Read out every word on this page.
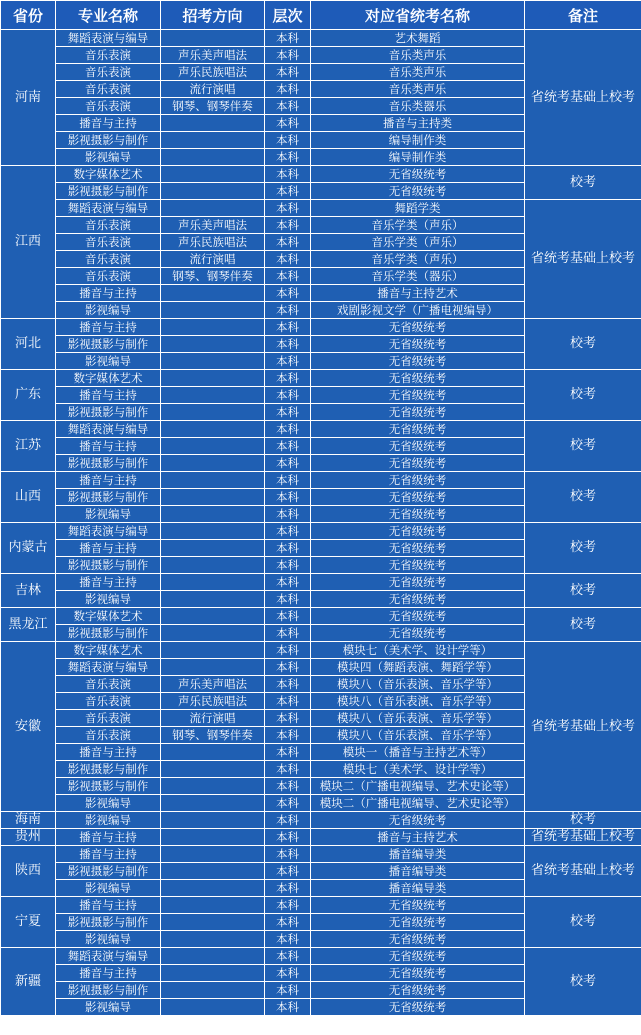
省份	专业名称	招考方向	层次	对应省统考名称	备注
河南	舞蹈表演与编导		本科	艺术舞蹈	省统考基础上校考
	音乐表演	声乐美声唱法	本科	音乐类声乐	
	音乐表演	声乐民族唱法	本科	音乐类声乐	
	音乐表演	流行演唱	本科	音乐类声乐	
	音乐表演	钢琴、钢琴伴奏	本科	音乐类器乐	
	播音与主持		本科	播音与主持类	
	影视摄影与制作		本科	编导制作类	
	影视编导		本科	编导制作类	
江西	数字媒体艺术		本科	无省级统考	校考
	影视摄影与制作		本科	无省级统考	
	舞蹈表演与编导		本科	舞蹈学类	省统考基础上校考
	音乐表演	声乐美声唱法	本科	音乐学类（声乐）	
	音乐表演	声乐民族唱法	本科	音乐学类（声乐）	
	音乐表演	流行演唱	本科	音乐学类（声乐）	
	音乐表演	钢琴、钢琴伴奏	本科	音乐学类（器乐）	
	播音与主持		本科	播音与主持艺术	
	影视编导		本科	戏剧影视文学（广播电视编导）	
河北	播音与主持		本科	无省级统考	校考
	影视摄影与制作		本科	无省级统考	
	影视编导		本科	无省级统考	
广东	数字媒体艺术		本科	无省级统考	校考
	播音与主持		本科	无省级统考	
	影视摄影与制作		本科	无省级统考	
江苏	舞蹈表演与编导		本科	无省级统考	校考
	播音与主持		本科	无省级统考	
	影视摄影与制作		本科	无省级统考	
山西	播音与主持		本科	无省级统考	校考
	影视摄影与制作		本科	无省级统考	
	影视编导		本科	无省级统考	
内蒙古	舞蹈表演与编导		本科	无省级统考	校考
	播音与主持		本科	无省级统考	
	影视摄影与制作		本科	无省级统考	
吉林	播音与主持		本科	无省级统考	校考
	影视编导		本科	无省级统考	
黑龙江	数字媒体艺术		本科	无省级统考	校考
	影视摄影与制作		本科	无省级统考	
安徽	数字媒体艺术		本科	模块七（美术学、设计学等）	省统考基础上校考
	舞蹈表演与编导		本科	模块四（舞蹈表演、舞蹈学等）	
	音乐表演	声乐美声唱法	本科	模块八（音乐表演、音乐学等）	
	音乐表演	声乐民族唱法	本科	模块八（音乐表演、音乐学等）	
	音乐表演	流行演唱	本科	模块八（音乐表演、音乐学等）	
	音乐表演	钢琴、钢琴伴奏	本科	模块八（音乐表演、音乐学等）	
	播音与主持		本科	模块一（播音与主持艺术等）	
	影视摄影与制作		本科	模块七（美术学、设计学等）	
	影视摄影与制作		本科	模块二（广播电视编导、艺术史论等）	
	影视编导		本科	模块二（广播电视编导、艺术史论等）	
海南	影视编导		本科	无省级统考	校考
贵州	播音与主持		本科	播音与主持艺术	省统考基础上校考
陕西	播音与主持		本科	播音编导类	省统考基础上校考
	影视摄影与制作		本科	播音编导类	
	影视编导		本科	播音编导类	
宁夏	播音与主持		本科	无省级统考	校考
	影视摄影与制作		本科	无省级统考	
	影视编导		本科	无省级统考	
新疆	舞蹈表演与编导		本科	无省级统考	校考
	播音与主持		本科	无省级统考	
	影视摄影与制作		本科	无省级统考	
	影视编导		本科	无省级统考	
